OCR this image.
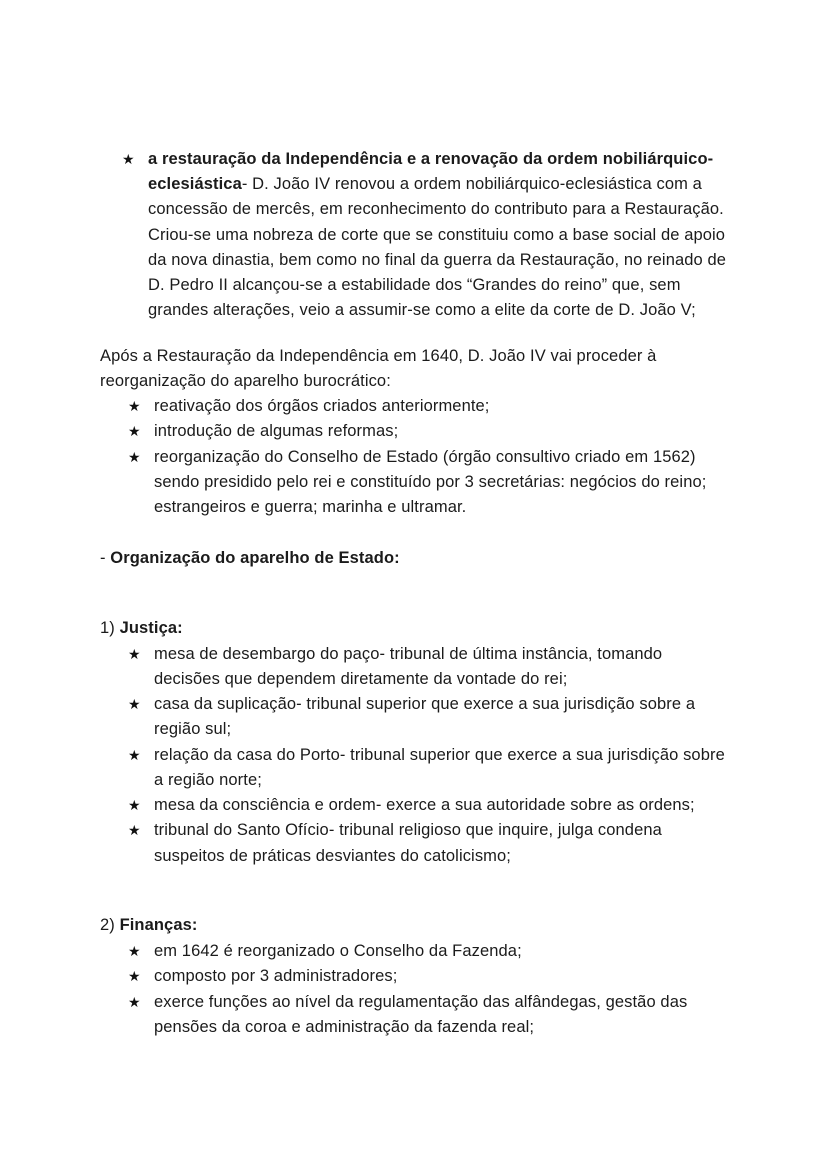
★ a restauração da Independência e a renovação da ordem nobiliárquico-eclesiástica- D. João IV renovou a ordem nobiliárquico-eclesiástica com a concessão de mercês, em reconhecimento do contributo para a Restauração. Criou-se uma nobreza de corte que se constituiu como a base social de apoio da nova dinastia, bem como no final da guerra da Restauração, no reinado de D. Pedro II alcançou-se a estabilidade dos “Grandes do reino” que, sem grandes alterações, veio a assumir-se como a elite da corte de D. João V;

Após a Restauração da Independência em 1640, D. João IV vai proceder à reorganização do aparelho burocrático:

★ reativação dos órgãos criados anteriormente;

★ introdução de algumas reformas;

★ reorganização do Conselho de Estado (órgão consultivo criado em 1562) sendo presidido pelo rei e constituído por 3 secretárias: negócios do reino; estrangeiros e guerra; marinha e ultramar.

- Organização do aparelho de Estado:

1) Justiça:

★ mesa de desembargo do paço- tribunal de última instância, tomando decisões que dependem diretamente da vontade do rei;

★ casa da suplicação- tribunal superior que exerce a sua jurisdição sobre a região sul;

★ relação da casa do Porto- tribunal superior que exerce a sua jurisdição sobre a região norte;

★ mesa da consciência e ordem- exerce a sua autoridade sobre as ordens;

★ tribunal do Santo Ofício- tribunal religioso que inquire, julga condena suspeitos de práticas desviantes do catolicismo;

2) Finanças:

★ em 1642 é reorganizado o Conselho da Fazenda;

★ composto por 3 administradores;

★ exerce funções ao nível da regulamentação das alfândegas, gestão das pensões da coroa e administração da fazenda real;
